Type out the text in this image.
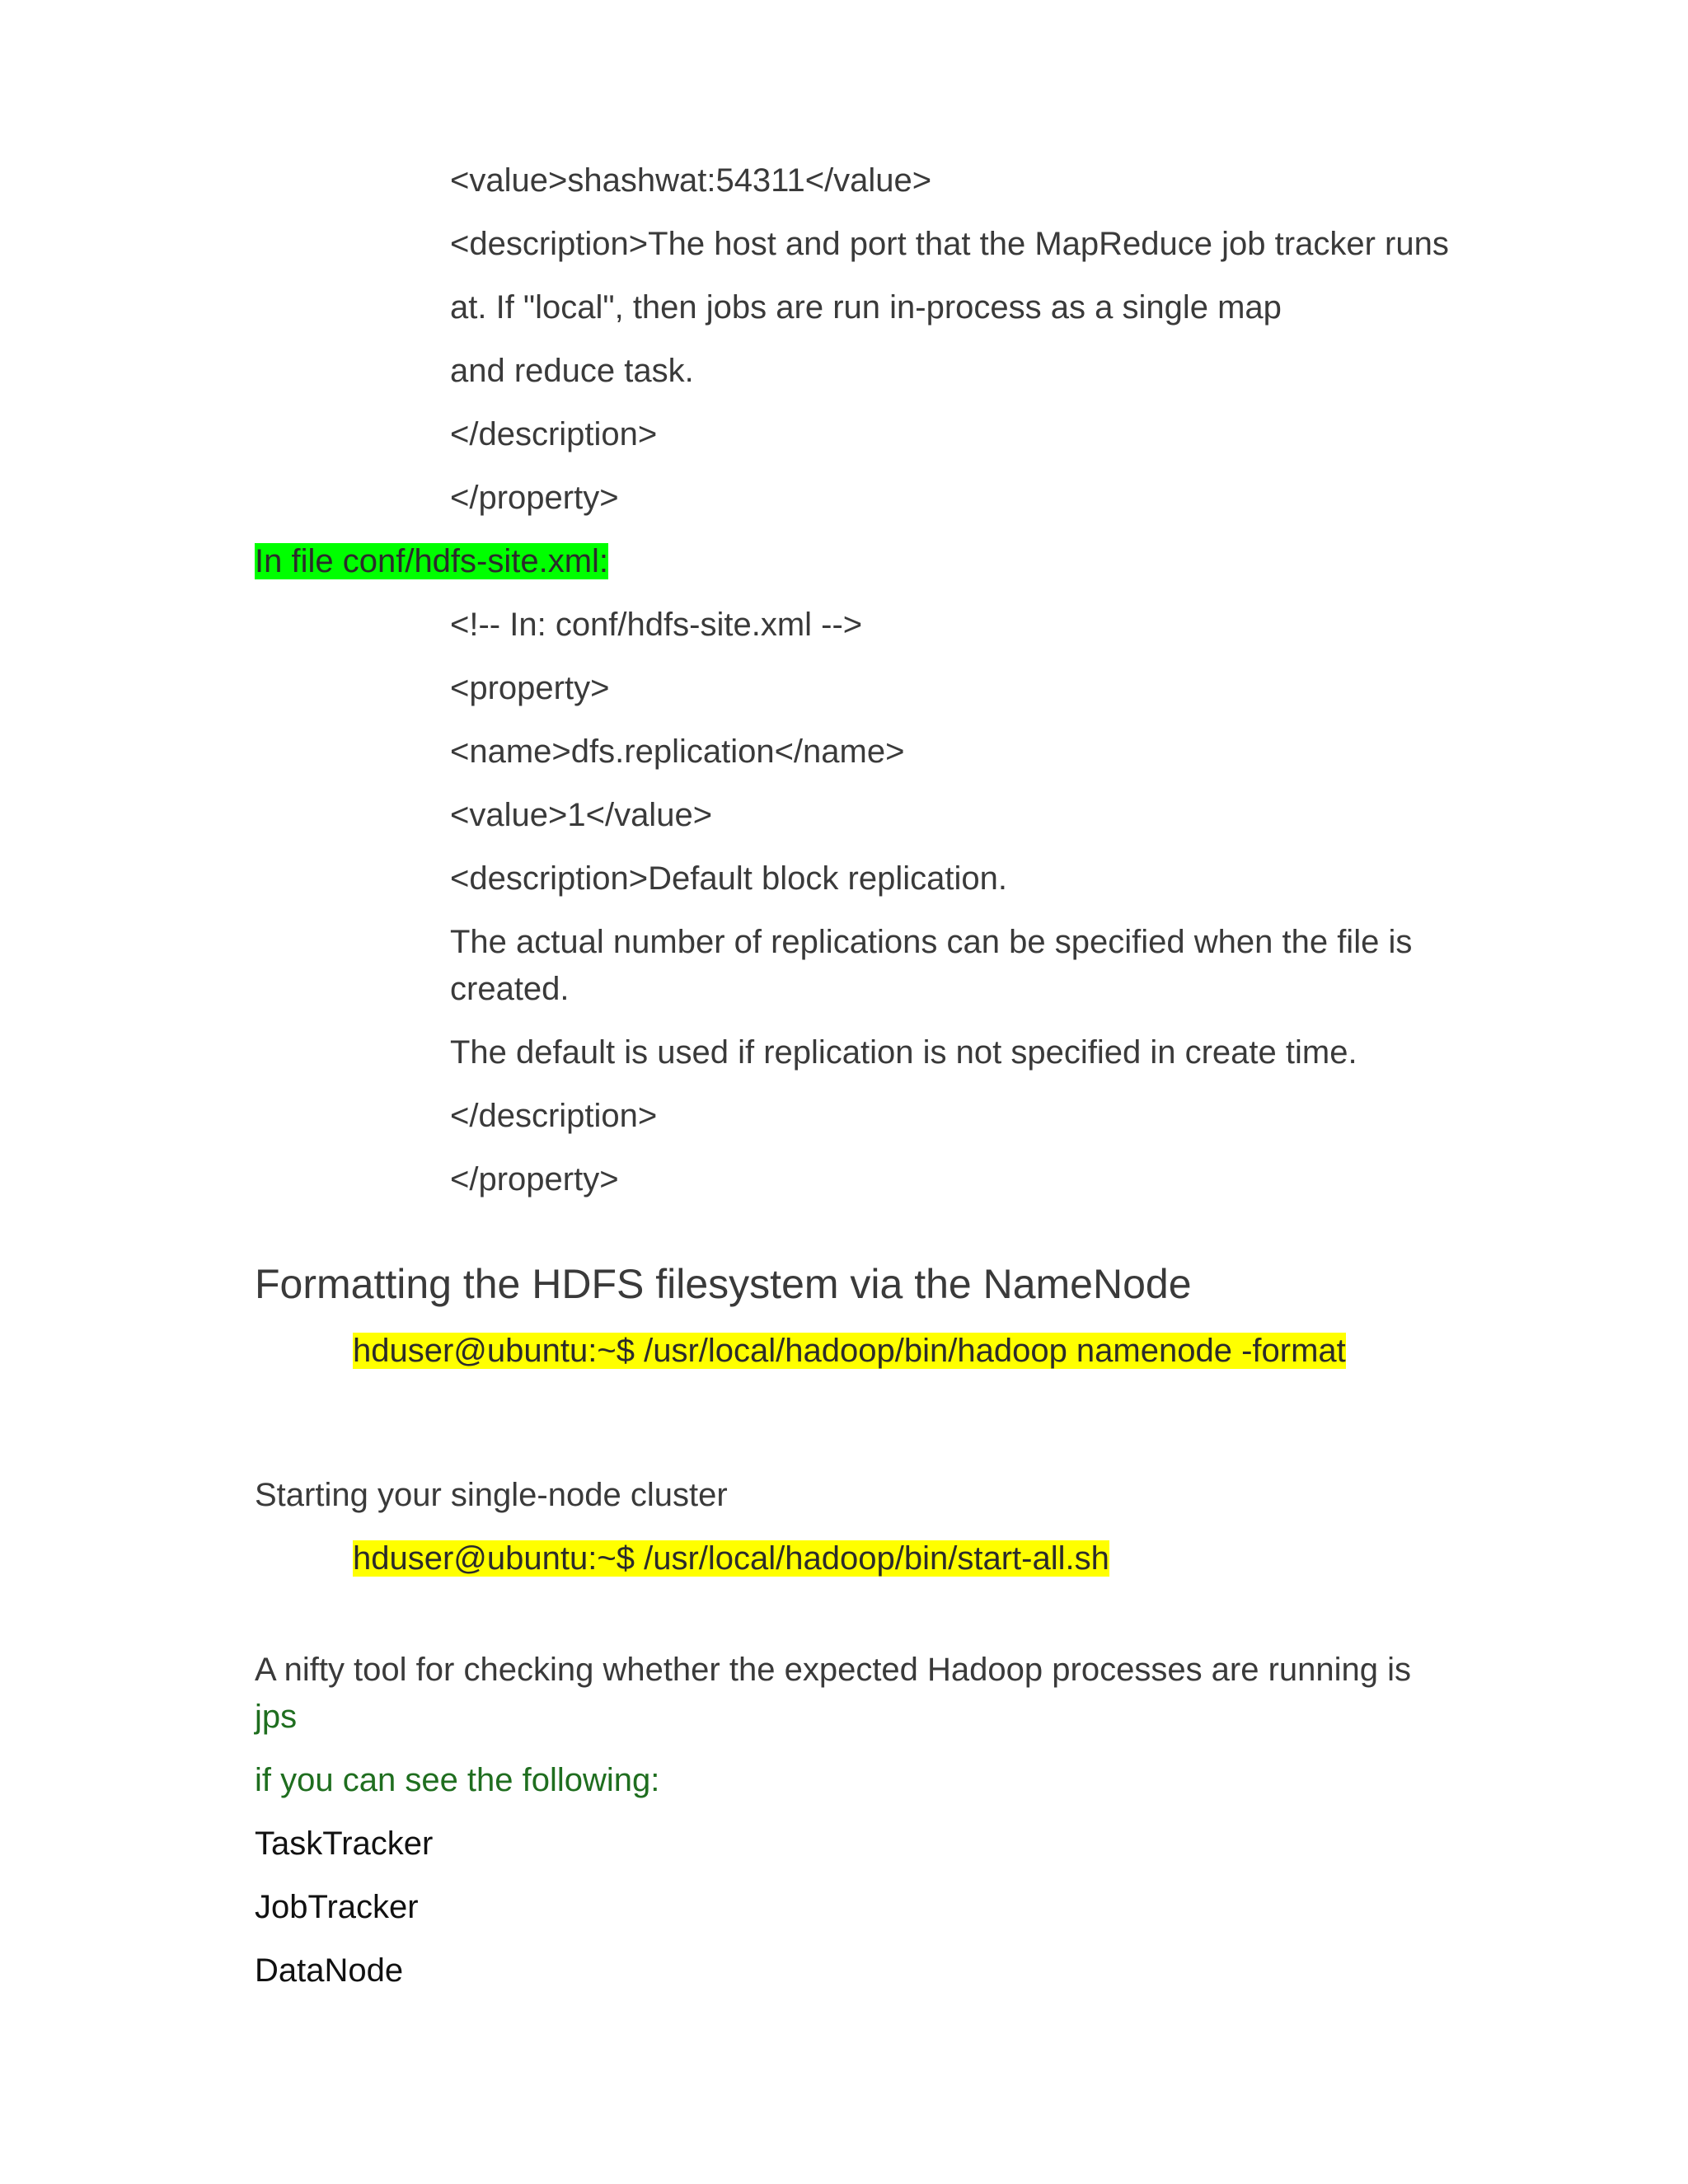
<value>shashwat:54311</value>
<description>The host and port that the MapReduce job tracker runs
at. If "local", then jobs are run in-process as a single map
and reduce task.
</description>
</property>
In file conf/hdfs-site.xml:
<!-- In: conf/hdfs-site.xml -->
<property>
<name>dfs.replication</name>
<value>1</value>
<description>Default block replication.
The actual number of replications can be specified when the file is
created.
The default is used if replication is not specified in create time.
</description>
</property>
Formatting the HDFS filesystem via the NameNode
hduser@ubuntu:~$ /usr/local/hadoop/bin/hadoop namenode -format
Starting your single-node cluster
hduser@ubuntu:~$ /usr/local/hadoop/bin/start-all.sh
A nifty tool for checking whether the expected Hadoop processes are running is
jps
if you can see the following:
TaskTracker
JobTracker
DataNode
